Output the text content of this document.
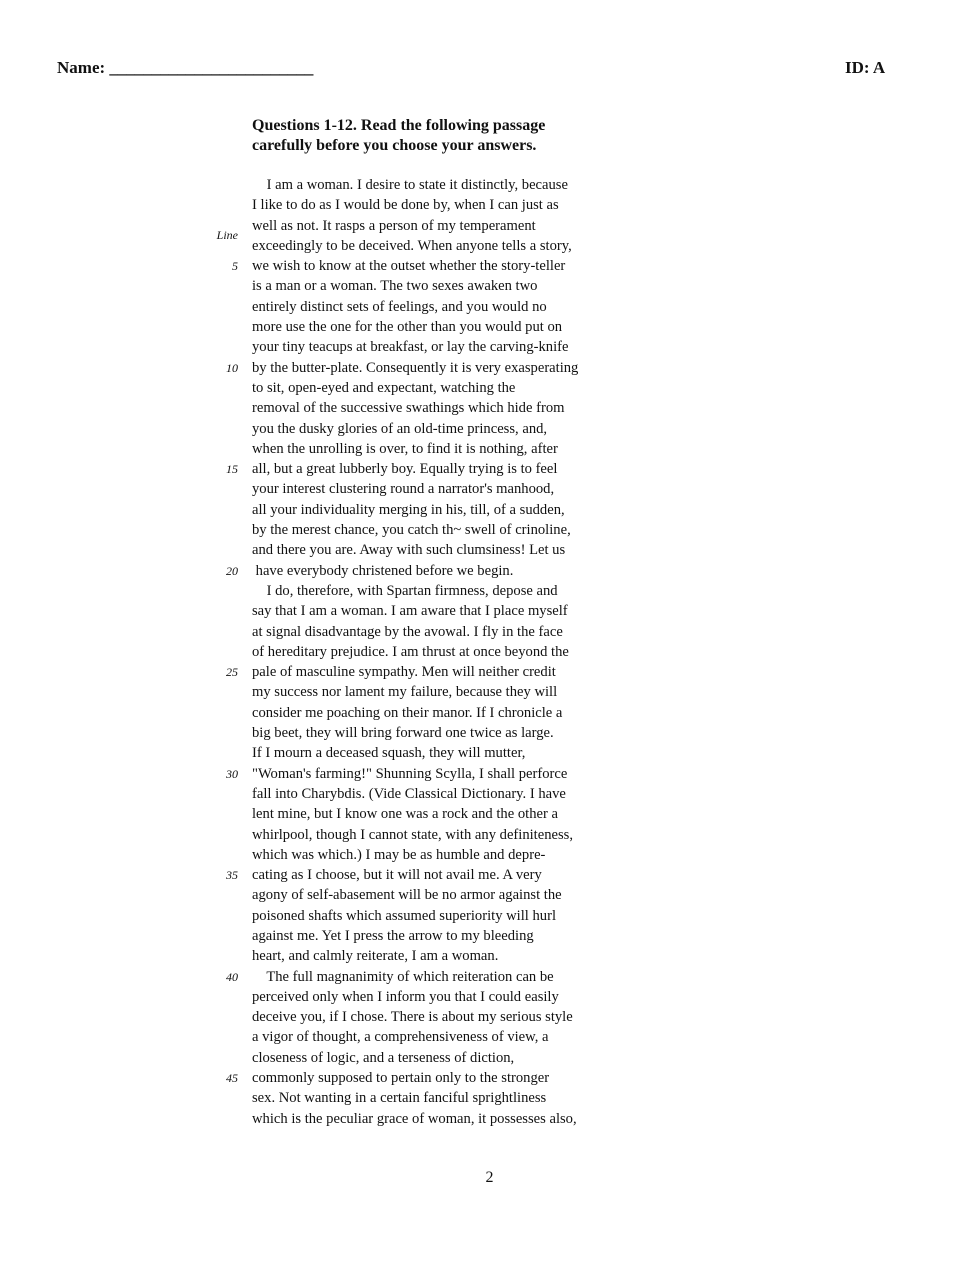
Name: ________________________	ID: A
Questions 1-12. Read the following passage
carefully before you choose your answers.
I am a woman. I desire to state it distinctly, because
I like to do as I would be done by, when I can just as
well as not. It rasps a person of my temperament
Line
exceedingly to be deceived. When anyone tells a story,
5 we wish to know at the outset whether the story-teller
is a man or a woman. The two sexes awaken two
entirely distinct sets of feelings, and you would no
more use the one for the other than you would put on
your tiny teacups at breakfast, or lay the carving-knife
10 by the butter-plate. Consequently it is very exasperating
to sit, open-eyed and expectant, watching the
removal of the successive swathings which hide from
you the dusky glories of an old-time princess, and,
when the unrolling is over, to find it is nothing, after
15 all, but a great lubberly boy. Equally trying is to feel
your interest clustering round a narrator's manhood,
all your individuality merging in his, till, of a sudden,
by the merest chance, you catch th~ swell of crinoline,
and there you are. Away with such clumsiness! Let us
20 have everybody christened before we begin.
I do, therefore, with Spartan firmness, depose and
say that I am a woman. I am aware that I place myself
at signal disadvantage by the avowal. I fly in the face
of hereditary prejudice. I am thrust at once beyond the
25 pale of masculine sympathy. Men will neither credit
my success nor lament my failure, because they will
consider me poaching on their manor. If I chronicle a
big beet, they will bring forward one twice as large.
If I mourn a deceased squash, they will mutter,
30 "Woman's farming!" Shunning Scylla, I shall perforce
fall into Charybdis. (Vide Classical Dictionary. I have
lent mine, but I know one was a rock and the other a
whirlpool, though I cannot state, with any definiteness,
which was which.) I may be as humble and depre-
35 cating as I choose, but it will not avail me. A very
agony of self-abasement will be no armor against the
poisoned shafts which assumed superiority will hurl
against me. Yet I press the arrow to my bleeding
heart, and calmly reiterate, I am a woman.
40 The full magnanimity of which reiteration can be
perceived only when I inform you that I could easily
deceive you, if I chose. There is about my serious style
a vigor of thought, a comprehensiveness of view, a
closeness of logic, and a terseness of diction,
45 commonly supposed to pertain only to the stronger
sex. Not wanting in a certain fanciful sprightliness
which is the peculiar grace of woman, it possesses also,
2
